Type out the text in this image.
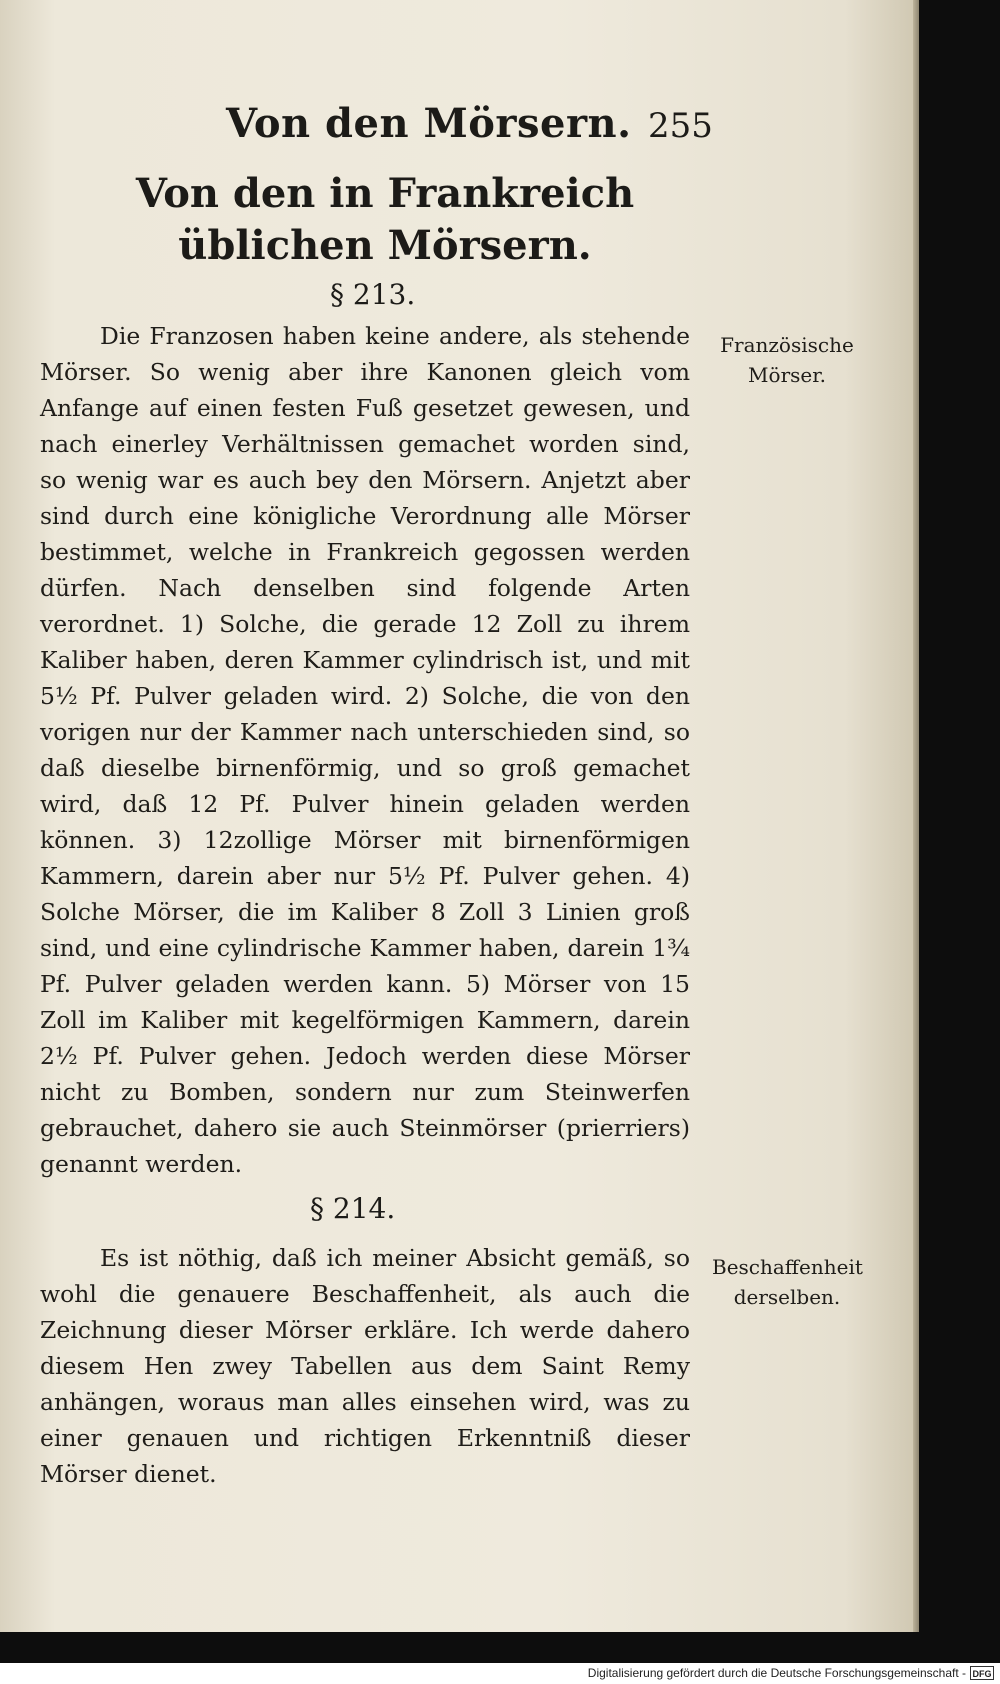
Von den Mörsern. 255
Von den in Frankreich üblichen Mörsern.
§ 213.

Die Franzosen haben keine andere, als stehende Mörser. So wenig aber ihre Kanonen gleich vom Anfange auf einen festen Fuß gesetzet gewesen, und nach einerley Verhältnissen gemachet worden sind, so wenig war es auch bey den Mörsern. Anjetzt aber sind durch eine königliche Verordnung alle Mörser bestimmet, welche in Frankreich gegossen werden dürfen. Nach denselben sind folgende Arten verordnet. 1) Solche, die gerade 12 Zoll zu ihrem Kaliber haben, deren Kammer cylindrisch ist, und mit 5½ Pf. Pulver geladen wird. 2) Solche, die von den vorigen nur der Kammer nach unterschieden sind, so daß dieselbe birnenförmig, und so groß gemachet wird, daß 12 Pf. Pulver hinein geladen werden können. 3) 12zollige Mörser mit birnenförmigen Kammern, darein aber nur 5½ Pf. Pulver gehen. 4) Solche Mörser, die im Kaliber 8 Zoll 3 Linien groß sind, und eine cylindrische Kammer haben, darein 1¾ Pf. Pulver geladen werden kann. 5) Mörser von 15 Zoll im Kaliber mit kegelförmigen Kammern, darein 2½ Pf. Pulver gehen. Jedoch werden diese Mörser nicht zu Bomben, sondern nur zum Steinwerfen gebrauchet, dahero sie auch Steinmörser (prierriers) genannt werden.

Französische Mörser.
§ 214.

Es ist nöthig, daß ich meiner Absicht gemäß, so wohl die genauere Beschaffenheit, als auch die Zeichnung dieser Mörser erkläre. Ich werde dahero diesem Hen zwey Tabellen aus dem Saint Remy anhängen, woraus man alles einsehen wird, was zu einer genauen und richtigen Erkenntniß dieser Mörser dienet.

Beschaffenheit derselben.
Digitalisierung gefördert durch die Deutsche Forschungsgemeinschaft - DFG
